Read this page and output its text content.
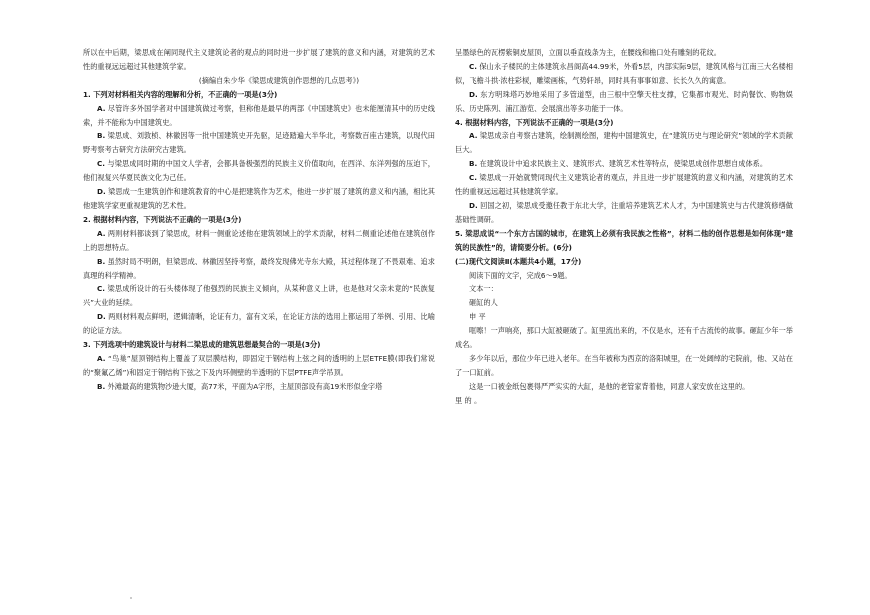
所以在中后期，梁思成在阐同现代主义建筑论者的观点的同时进一步扩展了建筑的意义和内涵，对建筑的艺术性的重视远远超过其他建筑学家。

(摘编自朱少华《梁思成建筑创作思想的几点思考》)

1. 下列对材料相关内容的理解和分析，不正确的一项是(3分)

A. 尽管许多外国学者对中国建筑做过考察，但称他是最早的两部《中国建筑史》也未能厘清其中的历史线索，并不能称为中国建筑史。

B. 梁思成、刘敦桢、林徽因等一批中国建筑史开先驱，足迹踏遍大半华北，考察数百座古建筑，以现代田野考察考古研究方法研究古建筑。

C. 与梁思成同时期的中国文人学者，会都具备极强烈的民族主义价值取向，在西洋、东洋列强的压迫下，他们视复兴华夏民族文化为己任。

D. 梁思成一生建筑创作和建筑教育的中心是把建筑作为艺术，他进一步扩展了建筑的意义和内涵，相比其他建筑学家更重视建筑的艺术性。

2. 根据材料内容，下列说法不正确的一项是(3分)

A. 两则材料都谈到了梁思成，材料一侧重论述他在建筑领域上的学术贡献，材料二侧重论述他在建筑创作上的思想特点。

B. 虽然时局不明朗，但梁思成、林徽因坚持考察，最终发现佛光寺东大殿，其过程体现了不畏艰难、追求真理的科学精神。

C. 梁思成所设计的石头楼体现了他强烈的民族主义倾向，从某种意义上讲，也是他对父亲未竟的“民族复兴”大业的延续。

D. 两则材料观点鲜明，逻辑清晰，论证有力，富有文采，在论证方法的选用上都运用了举例、引用、比喻的论证方法。

3. 下列选项中的建筑设计与材料二梁思成的建筑思想最契合的一项是(3分)

A. “鸟巢”屋顶钢结构上覆盖了双层膜结构，即固定于钢结构上弦之间的透明的上层ETFE膜(即我们常说的“聚氟乙烯”)和固定于钢结构下弦之下及内环侧壁的半透明的下层PTFE声学吊顶。

B. 外滩最高的建筑物沙逊大厦，高77米，平面为A字形，主屋顶部设有高19米形似金字塔

呈墨绿色的瓦楞紫铜皮屋顶，立面以垂直线条为主，在腰线和檐口处有雕刻的花纹。

C. 保山永子楼民的主体建筑永昌阁高44.99米，外看5层，内部实际9层，建筑风格与江南三大名楼相似，飞檐斗拱·浓柱彩棂，雕梁画栋，气势轩昂，同时具有事事如意、长长久久的寓意。

D. 东方明珠塔巧妙地采用了多管道型，由三根中空擎天柱支撑，它集都市观光、时尚餐饮、购物娱乐、历史陈列、浦江游览、会展演出等多功能于一体。

4. 根据材料内容，下列说法不正确的一项是(3分)

A. 梁思成亲自考察古建筑，绘制测绘图，建构中国建筑史，在“建筑历史与理论研究”领域的学术贡献巨大。

B. 在建筑设计中追求民族主义、建筑形式、建筑艺术性等特点，使梁思成创作思想自成体系。

C. 梁思成一开始就赞同现代主义建筑论者的观点，并且进一步扩展建筑的意义和内涵，对建筑的艺术性的重视远远超过其他建筑学家。

D. 回国之初，梁思成受邀任教于东北大学，注重培养建筑艺术人才，为中国建筑史与古代建筑修缮做基础性调研。

5. 梁思成说“一个东方古国的城市，在建筑上必须有我民族之性格”，材料二他的创作思想是如何体现“建筑的民族性”的，请简要分析。(6分)

(二)现代文阅读Ⅱ(本题共4小题，17分)

阅读下面的文字，完成6～9题。

文本一：

砸缸的人

申 平

哐嚓！一声响亮，那口大缸被砸破了。缸里流出来的，不仅是水，还有千古流传的故事。砸缸少年一举成名。

多少年以后，那位少年已进入老年。在当年被称为西京的洛阳城里，在一处阔绰的宅院前，他、又站在了一口缸前。

这是一口被金纸包裹得严严实实的大缸，是他的老管家背着他，同意人家安放在这里的。

里 的 。
